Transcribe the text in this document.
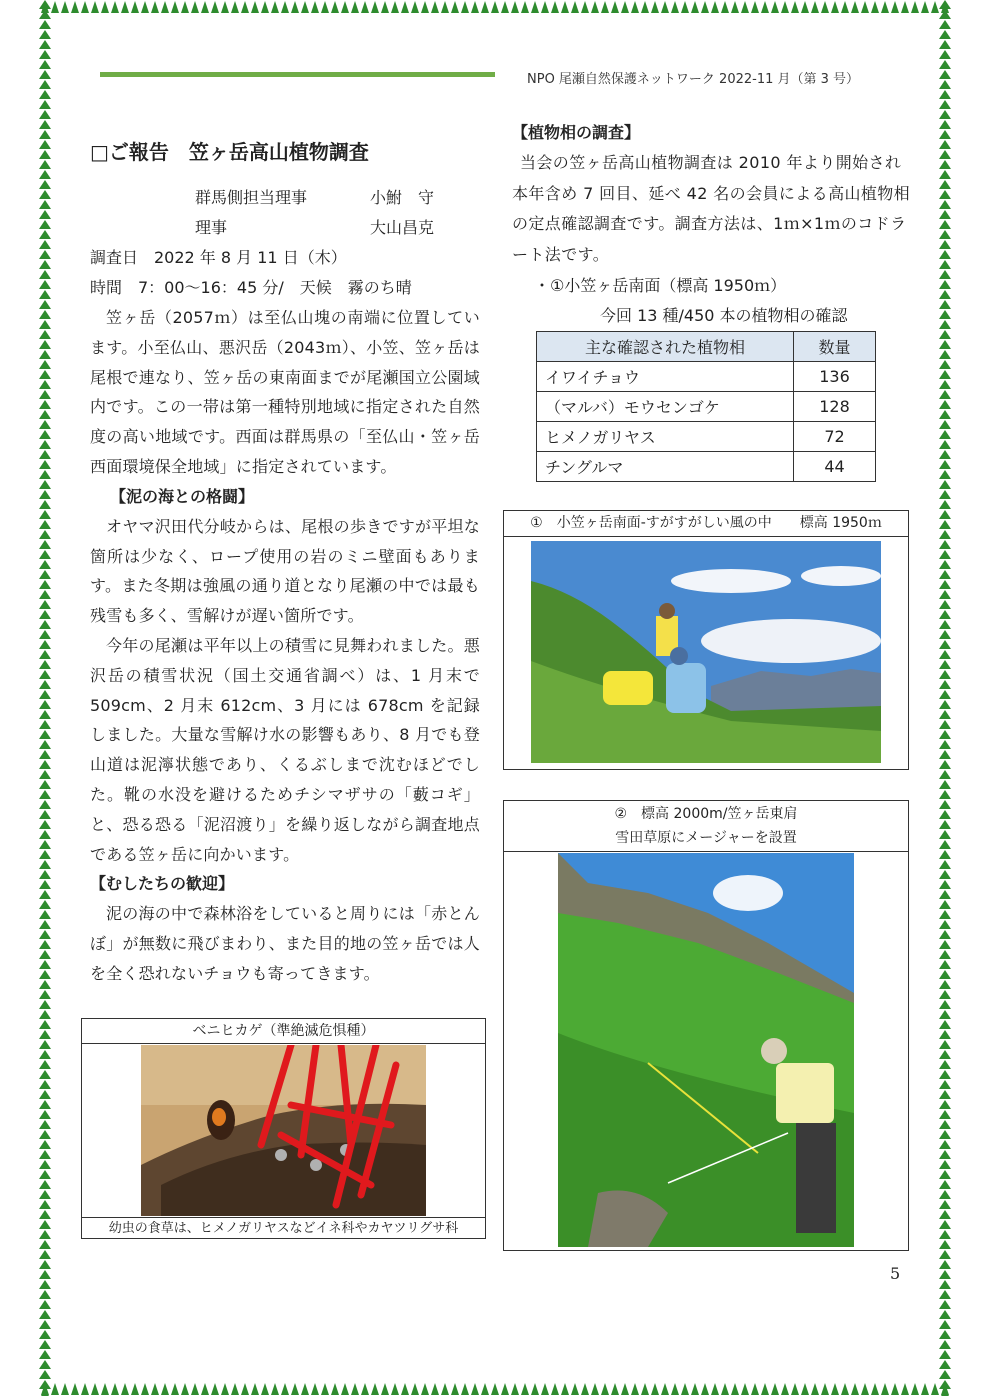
NPO 尾瀬自然保護ネットワーク 2022-11 月（第 3 号）
□ご報告　笠ヶ岳高山植物調査
群馬側担当理事	小鮒　守
理事	大山昌克
調査日　2022 年 8 月 11 日（木）
時間　7：00〜16：45 分/　天候　霧のち晴

笠ヶ岳（2057ｍ）は至仏山塊の南端に位置しています。小至仏山、悪沢岳（2043ｍ）、小笠、笠ヶ岳は尾根で連なり、笠ヶ岳の東南面までが尾瀬国立公園域内です。この一帯は第一種特別地域に指定された自然度の高い地域です。西面は群馬県の「至仏山・笠ヶ岳西面環境保全地域」に指定されています。

【泥の海との格闘】

オヤマ沢田代分岐からは、尾根の歩きですが平坦な箇所は少なく、ロープ使用の岩のミニ壁面もあります。また冬期は強風の通り道となり尾瀬の中では最も残雪も多く、雪解けが遅い箇所です。

今年の尾瀬は平年以上の積雪に見舞われました。悪沢岳の積雪状況（国土交通省調べ）は、1 月末で 509cm、2 月末 612cm、3 月には 678cm を記録しました。大量な雪解け水の影響もあり、8 月でも登山道は泥濘状態であり、くるぶしまで沈むほどでした。靴の水没を避けるためチシマザサの「藪コギ」と、恐る恐る「泥沼渡り」を繰り返しながら調査地点である笠ヶ岳に向かいます。

【むしたちの歓迎】

泥の海の中で森林浴をしていると周りには「赤とんぼ」が無数に飛びまわり、また目的地の笠ヶ岳では人を全く恐れないチョウも寄ってきます。

ベニヒカゲ（準絶滅危惧種）
幼虫の食草は、ヒメノガリヤスなどイネ科やカヤツリグサ科
【植物相の調査】

当会の笠ヶ岳高山植物調査は 2010 年より開始され本年含め 7 回目、延べ 42 名の会員による高山植物相の定点確認調査です。調査方法は、1ｍ×1ｍのコドラート法です。

・①小笠ヶ岳南面（標高 1950ｍ）
今回 13 種/450 本の植物相の確認
主な確認された植物相	数量
イワイチョウ	136
（マルバ）モウセンゴケ	128
ヒメノガリヤス	72
チングルマ	44
①　小笠ヶ岳南面-すがすがしい風の中　　標高 1950ｍ
②　標高 2000m/笠ヶ岳東肩
雪田草原にメージャーを設置
5
